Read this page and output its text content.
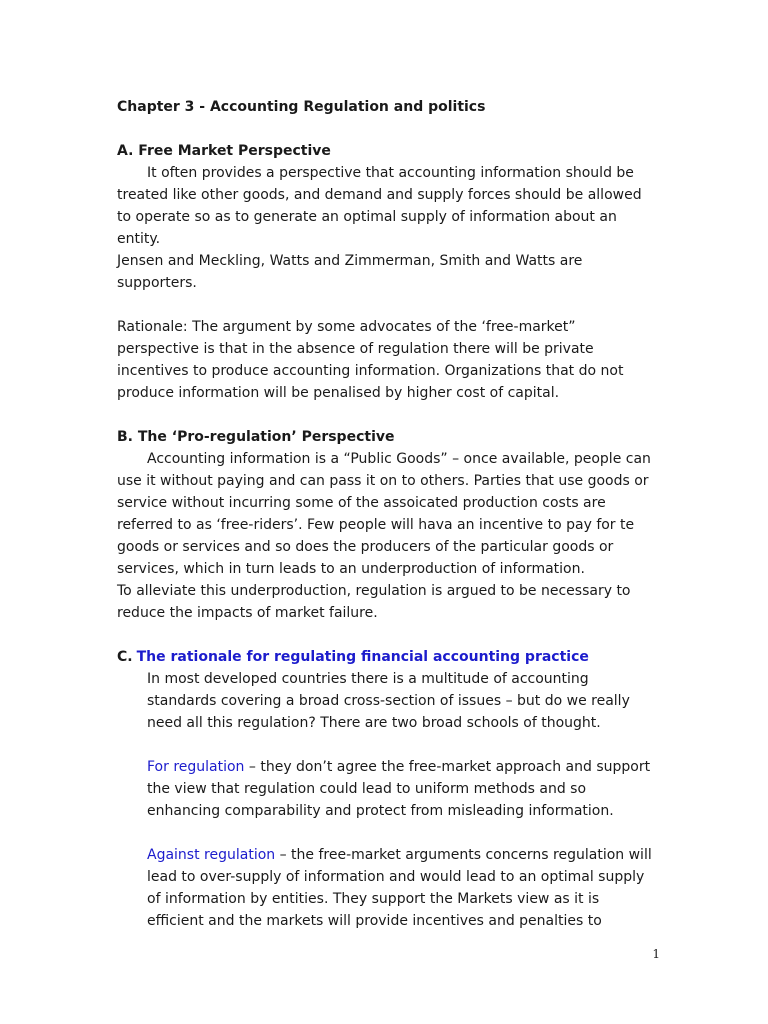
Chapter 3 - Accounting Regulation and politics

A. Free Market Perspective

It often provides a perspective that accounting information should be treated like other goods, and demand and supply forces should be allowed to operate so as to generate an optimal supply of information about an entity.

Jensen and Meckling, Watts and Zimmerman, Smith and Watts are supporters.

Rationale: The argument by some advocates of the ‘free-market” perspective is that in the absence of regulation there will be private incentives to produce accounting information. Organizations that do not produce information will be penalised by higher cost of capital.

B. The ‘Pro-regulation’ Perspective

Accounting information is a “Public Goods” – once available, people can use it without paying and can pass it on to others. Parties that use goods or service without incurring some of the assoicated production costs are referred to as ‘free-riders’. Few people will hava an incentive to pay for te goods or services and so does the producers of the particular goods or services, which in turn leads to an underproduction of information.

To alleviate this underproduction, regulation is argued to be necessary to reduce the impacts of market failure.

C. The rationale for regulating financial accounting practice

In most developed countries there is a multitude of accounting standards covering a broad cross-section of issues – but do we really need all this regulation? There are two broad schools of thought.

For regulation – they don’t agree the free-market approach and support the view that regulation could lead to uniform methods and so enhancing comparability and protect from misleading information.

Against regulation – the free-market arguments concerns regulation will lead to over-supply of information and would lead to an optimal supply of information by entities. They support the Markets view as it is efficient and the markets will provide incentives and penalties to

1
